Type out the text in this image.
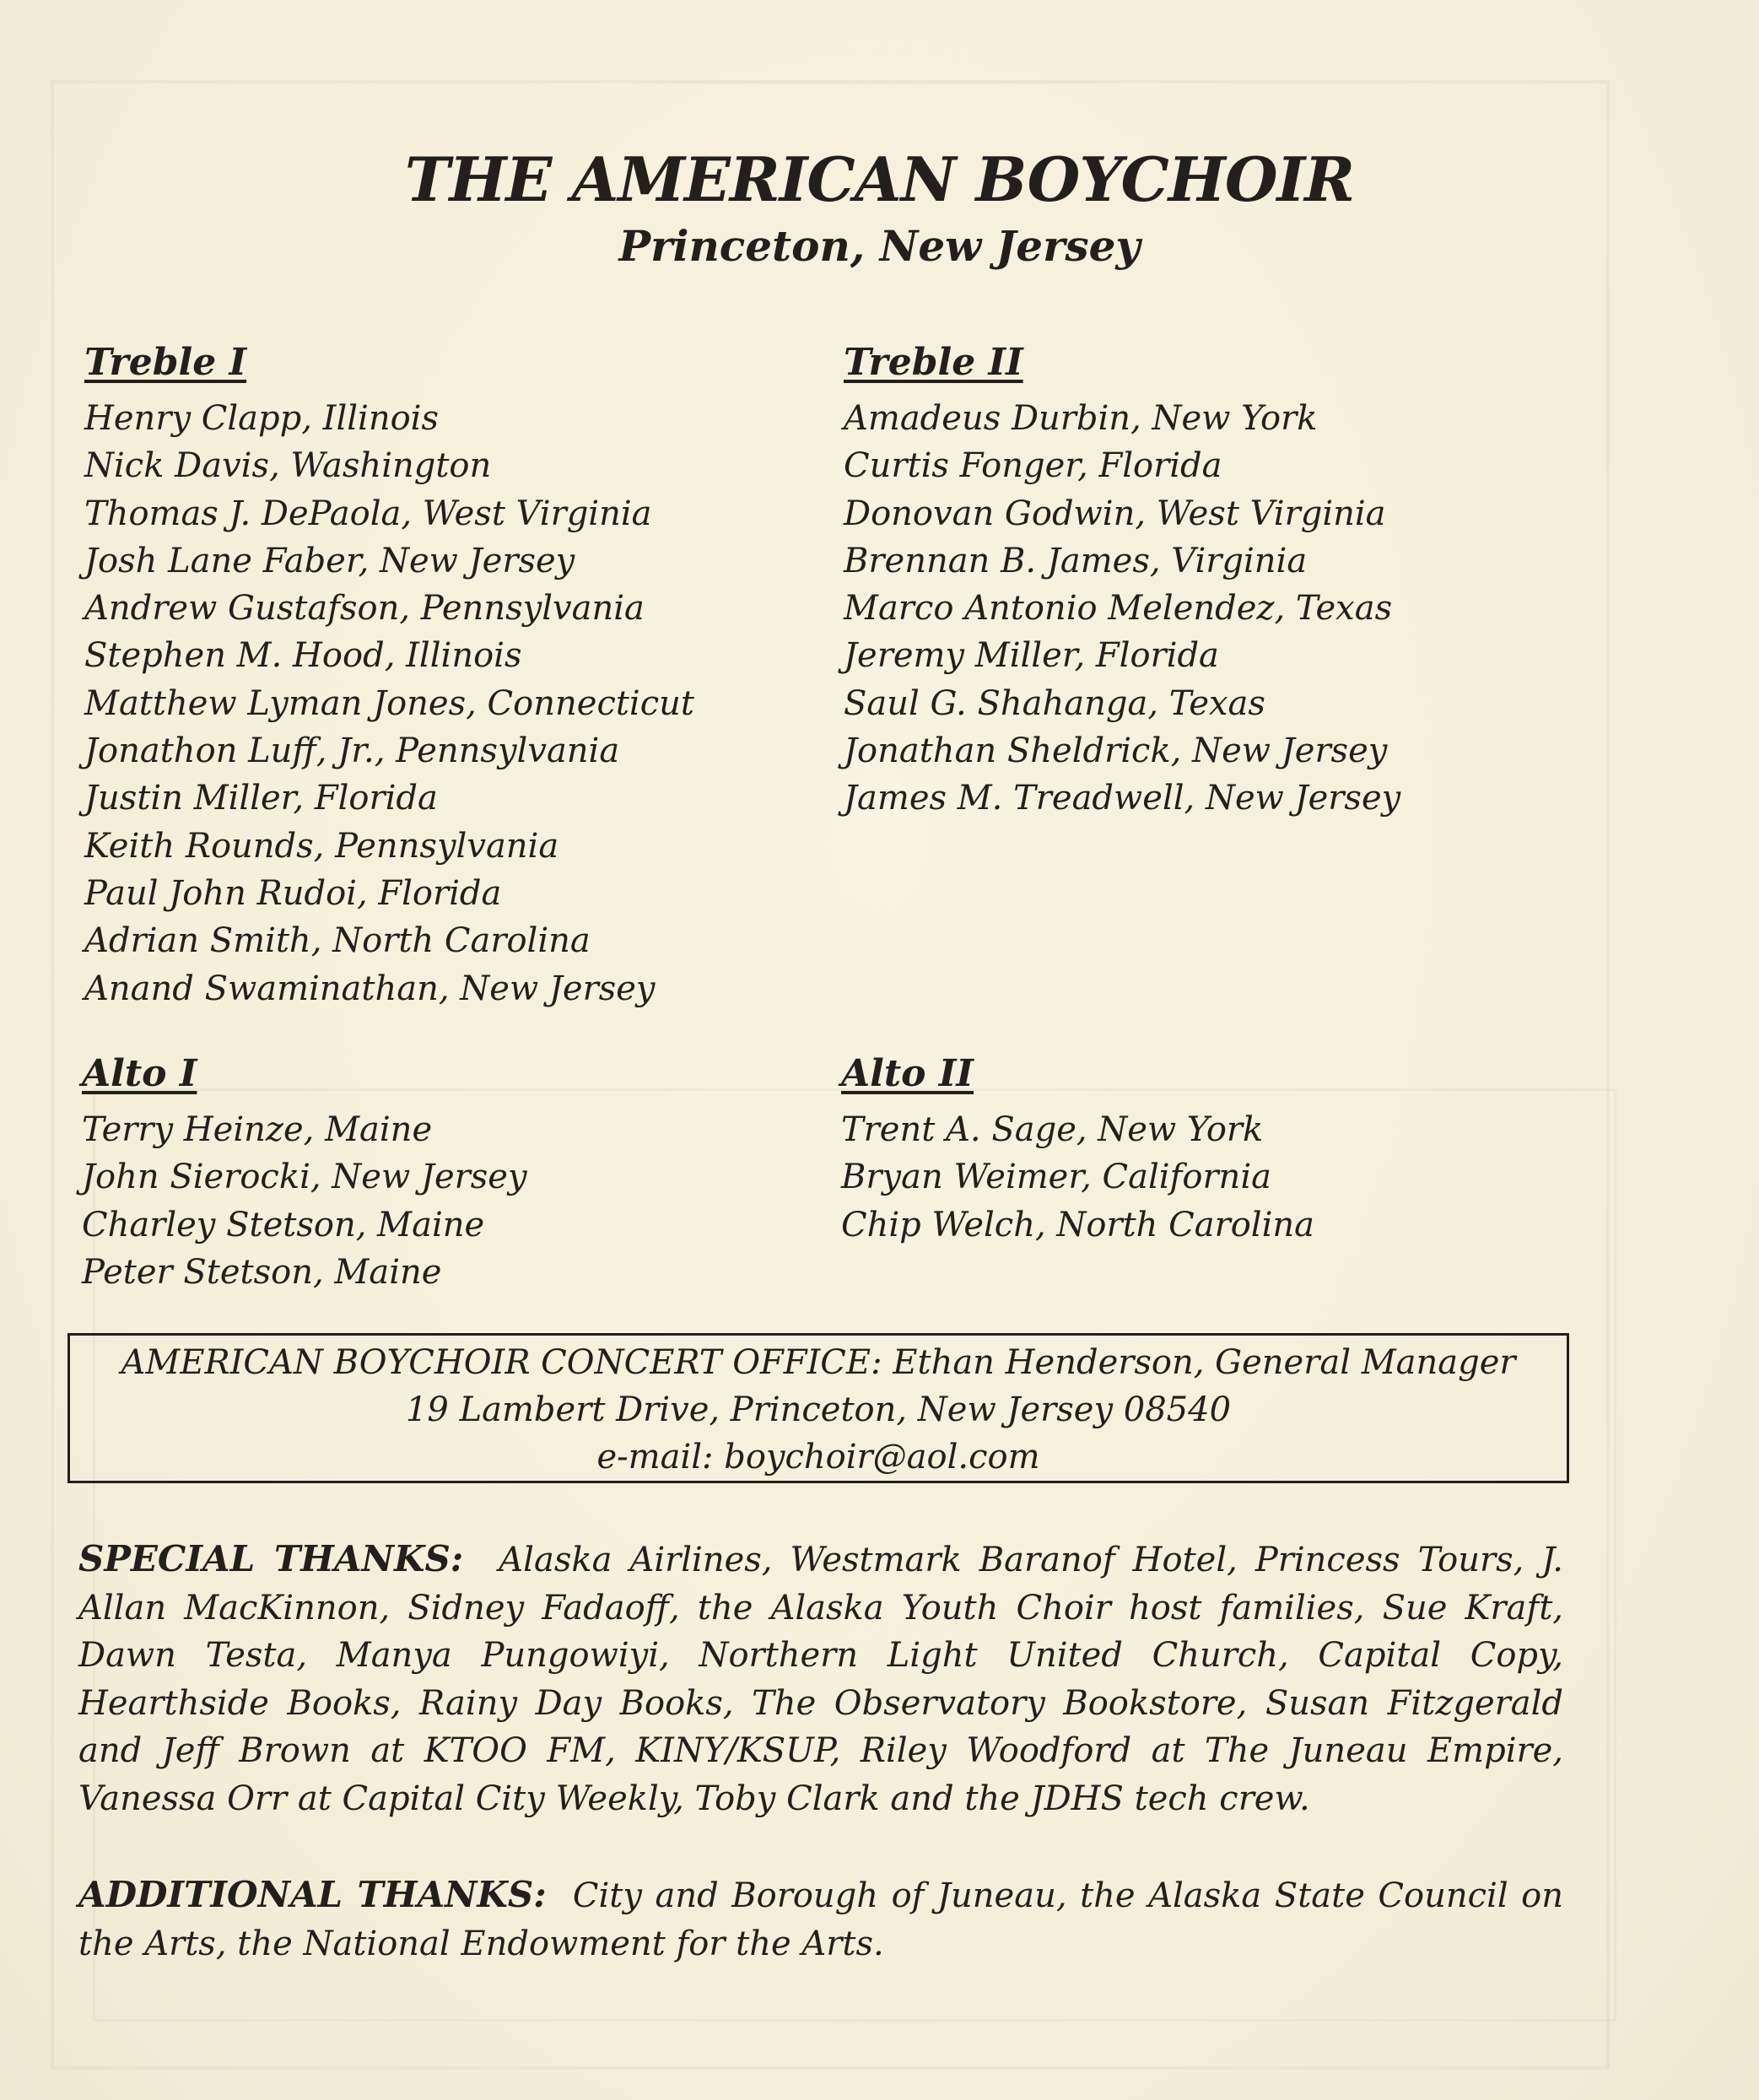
THE AMERICAN BOYCHOIR
Princeton, New Jersey
Treble I
Henry Clapp, Illinois
Nick Davis, Washington
Thomas J. DePaola, West Virginia
Josh Lane Faber, New Jersey
Andrew Gustafson, Pennsylvania
Stephen M. Hood, Illinois
Matthew Lyman Jones, Connecticut
Jonathon Luff, Jr., Pennsylvania
Justin Miller, Florida
Keith Rounds, Pennsylvania
Paul John Rudoi, Florida
Adrian Smith, North Carolina
Anand Swaminathan, New Jersey
Treble II
Amadeus Durbin, New York
Curtis Fonger, Florida
Donovan Godwin, West Virginia
Brennan B. James, Virginia
Marco Antonio Melendez, Texas
Jeremy Miller, Florida
Saul G. Shahanga, Texas
Jonathan Sheldrick, New Jersey
James M. Treadwell, New Jersey
Alto I
Terry Heinze, Maine
John Sierocki, New Jersey
Charley Stetson, Maine
Peter Stetson, Maine
Alto II
Trent A. Sage, New York
Bryan Weimer, California
Chip Welch, North Carolina
AMERICAN BOYCHOIR CONCERT OFFICE: Ethan Henderson, General Manager
19 Lambert Drive, Princeton, New Jersey 08540
e-mail: boychoir@aol.com
SPECIAL THANKS: Alaska Airlines, Westmark Baranof Hotel, Princess Tours, J. Allan MacKinnon, Sidney Fadaoff, the Alaska Youth Choir host families, Sue Kraft, Dawn Testa, Manya Pungowiyi, Northern Light United Church, Capital Copy, Hearthside Books, Rainy Day Books, The Observatory Bookstore, Susan Fitzgerald and Jeff Brown at KTOO FM, KINY/KSUP, Riley Woodford at The Juneau Empire, Vanessa Orr at Capital City Weekly, Toby Clark and the JDHS tech crew.
ADDITIONAL THANKS: City and Borough of Juneau, the Alaska State Council on the Arts, the National Endowment for the Arts.
